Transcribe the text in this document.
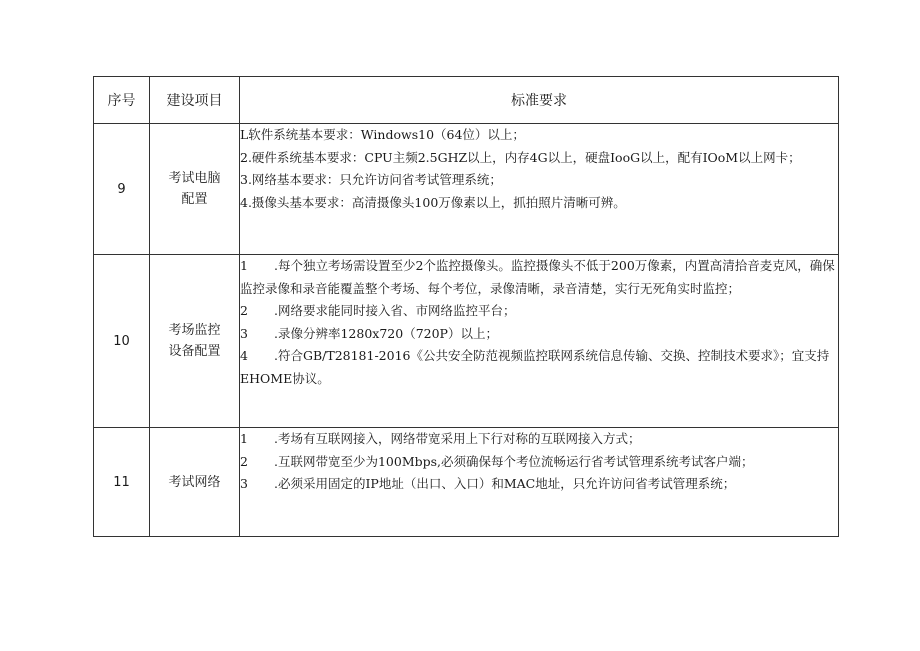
序号	建设项目	标准要求
9	考试电脑配置	L软件系统基本要求：Windows10（64位）以上；
2.硬件系统基本要求：CPU主频2.5GHZ以上，内存4G以上，硬盘IooG以上，配有IOoM以上网卡；
3.网络基本要求：只允许访问省考试管理系统；
4.摄像头基本要求：高清摄像头100万像素以上，抓拍照片清晰可辨。

10	考场监控设备配置	1 .每个独立考场需设置至少2个监控摄像头。监控摄像头不低于200万像素，内置高清拾音麦克风，确保监控录像和录音能覆盖整个考场、每个考位，录像清晰，录音清楚，实行无死角实时监控；
2 .网络要求能同时接入省、市网络监控平台；
3 .录像分辨率1280x720（720P）以上；
4 .符合GB/T28181-2016《公共安全防范视频监控联网系统信息传输、交换、控制技术要求》；宜支持EHOME协议。

11	考试网络	1 .考场有互联网接入，网络带宽采用上下行对称的互联网接入方式；
2 .互联网带宽至少为100Mbps,必须确保每个考位流畅运行省考试管理系统考试客户端；
3 .必须采用固定的IP地址（出口、入口）和MAC地址，只允许访问省考试管理系统；
